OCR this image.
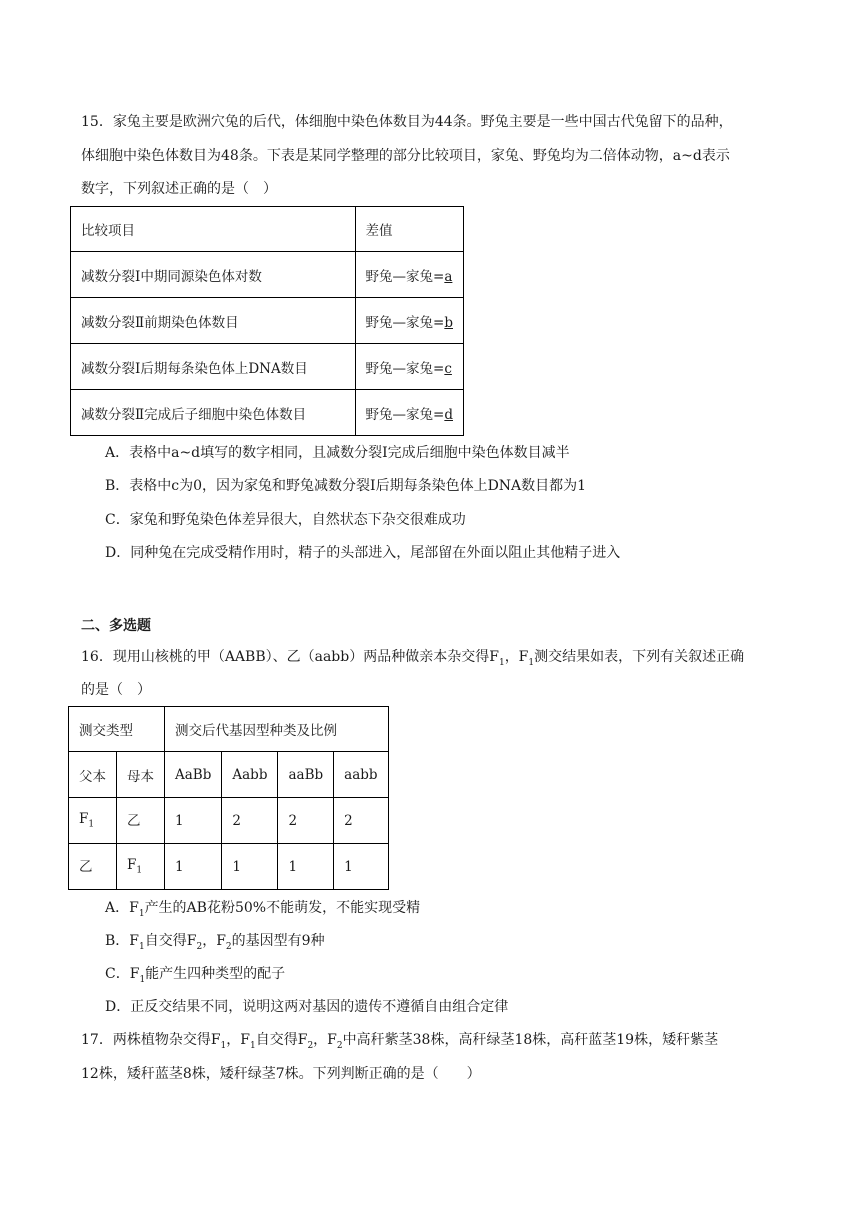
15．家兔主要是欧洲穴兔的后代，体细胞中染色体数目为44条。野兔主要是一些中国古代兔留下的品种，
体细胞中染色体数目为48条。下表是某同学整理的部分比较项目，家兔、野兔均为二倍体动物，a~d表示
数字，下列叙述正确的是（　）
比较项目	差值
减数分裂Ⅰ中期同源染色体对数	野兔—家兔=a
减数分裂Ⅱ前期染色体数目	野兔—家兔=b
减数分裂Ⅰ后期每条染色体上DNA数目	野兔—家兔=c
减数分裂Ⅱ完成后子细胞中染色体数目	野兔—家兔=d
A．表格中a~d填写的数字相同，且减数分裂Ⅰ完成后细胞中染色体数目减半
B．表格中c为0，因为家兔和野兔减数分裂Ⅰ后期每条染色体上DNA数目都为1
C．家兔和野兔染色体差异很大，自然状态下杂交很难成功
D．同种兔在完成受精作用时，精子的头部进入，尾部留在外面以阻止其他精子进入
二、多选题
16．现用山核桃的甲（AABB）、乙（aabb）两品种做亲本杂交得$F_1$，$F_1$测交结果如表，下列有关叙述正确
的是（　）
测交类型		测交后代基因型种类及比例			
父本	母本	AaBb	Aabb	aaBb	aabb
$F_1$	乙	1	2	2	2
乙	$F_1$	1	1	1	1
A．$F_1$产生的AB花粉50%不能萌发，不能实现受精
B．$F_1$自交得$F_2$，$F_2$的基因型有9种
C．$F_1$能产生四种类型的配子
D．正反交结果不同，说明这两对基因的遗传不遵循自由组合定律
17．两株植物杂交得$F_1$，$F_1$自交得$F_2$，$F_2$中高秆紫茎38株，高秆绿茎18株，高秆蓝茎19株，矮秆紫茎
12株，矮秆蓝茎8株，矮秆绿茎7株。下列判断正确的是（　　）
